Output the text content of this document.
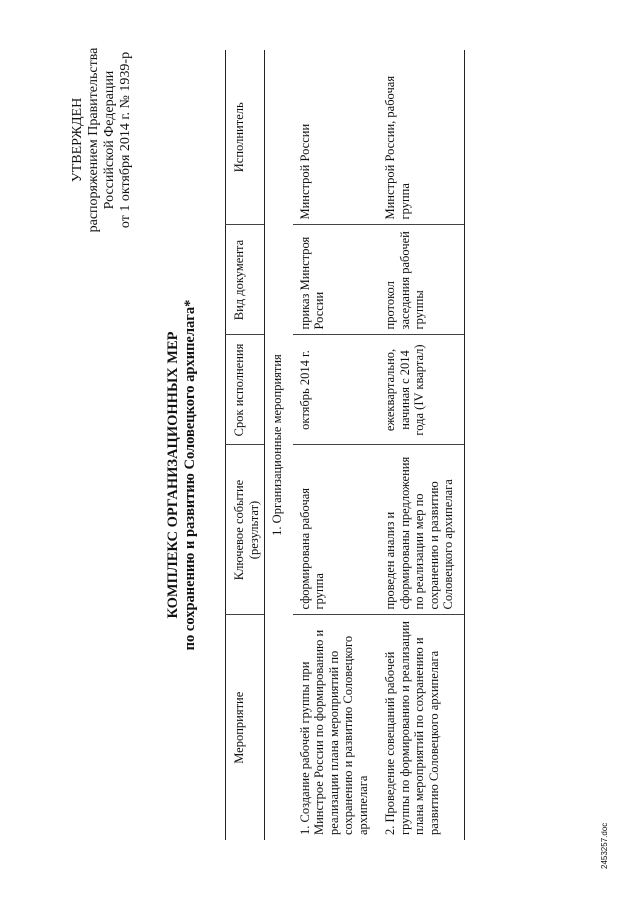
УТВЕРЖДЕН распоряжением Правительства Российской Федерации от 1 октября 2014 г. № 1939-р
КОМПЛЕКС ОРГАНИЗАЦИОННЫХ МЕР по сохранению и развитию Соловецкого архипелага*
Мероприятие	Ключевое событие (результат)	Срок исполнения	Вид документа	Исполнитель
1. Организационные мероприятия				
1. Создание рабочей группы при Минстрое России по формированию и реализации плана мероприятий по сохранению и развитию Соловецкого архипелага	сформирована рабочая группа	октябрь 2014 г.	приказ Минстроя России	Минстрой России
2. Проведение совещаний рабочей группы по формированию и реализации плана мероприятий по сохранению и развитию Соловецкого архипелага	проведен анализ и сформированы предложения по реализации мер по сохранению и развитию Соловецкого архипелага	ежеквартально, начиная с 2014 года (IV квартал)	протокол заседания рабочей группы	Минстрой России, рабочая группа
2453257.doc
